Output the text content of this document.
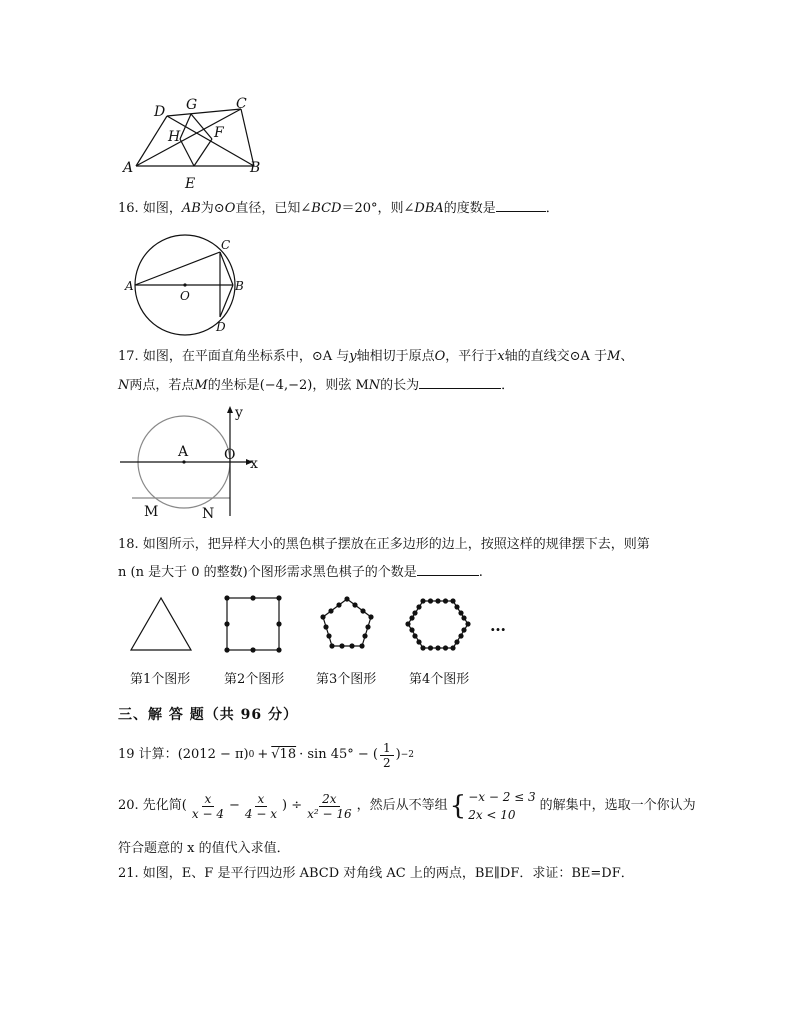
D G	C
H F
A	B
E
16. 如图，AB为⊙O直径，已知∠BCD＝20°，则∠DBA的度数是	．
C
A
O
B
D
17. 如图，在平面直角坐标系中，⊙A 与y轴相切于原点O，平行于x轴的直线交⊙A 于M、
N两点，若点M的坐标是(−4,−2)，则弦 MN的长为	．
y
A	O
x
M	N
18. 如图所示，把异样大小的黑色棋子摆放在正多边形的边上，按照这样的规律摆下去，则第
n (n 是大于 0 的整数)个图形需求黑色棋子的个数是	.
…
第1个图形	第2个图形 第3个图形	第4个图形
三、解 答 题（共 96 分）
19 计算： (2012 − π) 0 + √18 · sin 45° − ( $\frac{1}{2}$ ) −2
20. 先化简( $\frac{x}{x - 4} - \frac{x}{4 - x}$ ) ÷ $\frac{2x}{\text{x² − 16}}$ ，然后从不等组 { −x − 2 ≤ 3
2x < 10
的解集中，选取一个你认为
符合题意的 x 的值代入求值．
21. 如图，E、F 是平行四边形 ABCD 对角线 AC 上的两点，BE∥DF．求证：BE=DF．
